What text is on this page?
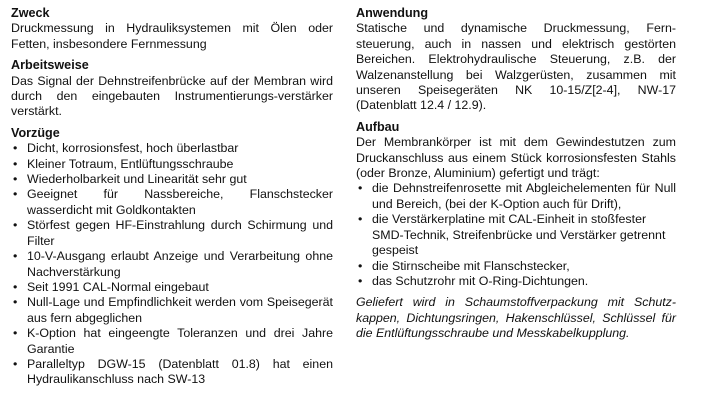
Zweck

Druckmessung in Hydrauliksystemen mit Ölen oder Fetten, insbesondere Fernmessung

Arbeitsweise

Das Signal der Dehnstreifenbrücke auf der Membran wird durch den eingebauten Instrumentierungs-verstärker verstärkt.

Vorzüge
• Dicht, korrosionsfest, hoch überlastbar
• Kleiner Totraum, Entlüftungsschraube
• Wiederholbarkeit und Linearität sehr gut
• Geeignet für Nassbereiche, Flanschstecker wasserdicht mit Goldkontakten
• Störfest gegen HF-Einstrahlung durch Schirmung und Filter
• 10-V-Ausgang erlaubt Anzeige und Verarbeitung ohne Nachverstärkung
• Seit 1991 CAL-Normal eingebaut
• Null-Lage und Empfindlichkeit werden vom Speisegerät aus fern abgeglichen
• K-Option hat eingeengte Toleranzen und drei Jahre Garantie
• Paralleltyp DGW-15 (Datenblatt 01.8) hat einen Hydraulikanschluss nach SW-13
Anwendung

Statische und dynamische Druckmessung, Fern-steuerung, auch in nassen und elektrisch gestörten Bereichen. Elektrohydraulische Steuerung, z.B. der Walzenanstellung bei Walzgerüsten, zusammen mit unseren Speisegeräten NK 10-15/Z[2-4], NW-17 (Datenblatt 12.4 / 12.9).

Aufbau

Der Membrankörper ist mit dem Gewindestutzen zum Druckanschluss aus einem Stück korrosionsfesten Stahls (oder Bronze, Aluminium) gefertigt und trägt:

• die Dehnstreifenrosette mit Abgleichelementen für Null und Bereich, (bei der K-Option auch für Drift),
• die Verstärkerplatine mit CAL-Einheit in stoßfester SMD-Technik, Streifenbrücke und Verstärker getrennt gespeist
• die Stirnscheibe mit Flanschstecker,
• das Schutzrohr mit O-Ring-Dichtungen.

Geliefert wird in Schaumstoffverpackung mit Schutz-kappen, Dichtungsringen, Hakenschlüssel, Schlüssel für die Entlüftungsschraube und Messkabelkupplung.
